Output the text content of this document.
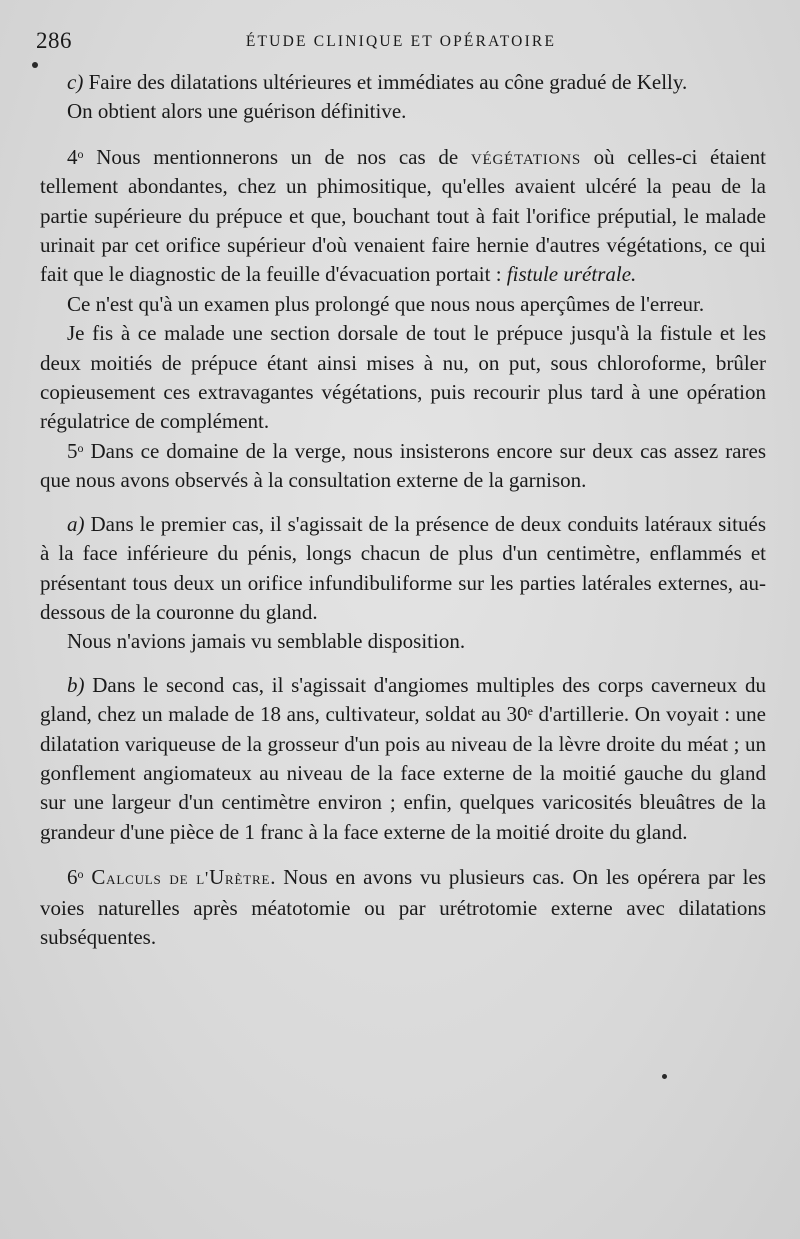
286	ÉTUDE CLINIQUE ET OPÉRATOIRE

c) Faire des dilatations ultérieures et immédiates au cône gradué de Kelly.

On obtient alors une guérison définitive.

4$^o$ Nous mentionnerons un de nos cas de végétations où celles-ci étaient tellement abondantes, chez un phimositique, qu'elles avaient ulcéré la peau de la partie supérieure du prépuce et que, bouchant tout à fait l'orifice préputial, le malade urinait par cet orifice supérieur d'où venaient faire hernie d'autres végétations, ce qui fait que le diagnostic de la feuille d'évacuation portait : fistule urétrale.

Ce n'est qu'à un examen plus prolongé que nous nous aperçûmes de l'erreur.

Je fis à ce malade une section dorsale de tout le prépuce jusqu'à la fistule et les deux moitiés de prépuce étant ainsi mises à nu, on put, sous chloroforme, brûler copieusement ces extravagantes végétations, puis recourir plus tard à une opération régulatrice de complément.

5$^o$ Dans ce domaine de la verge, nous insisterons encore sur deux cas assez rares que nous avons observés à la consultation externe de la garnison.

a) Dans le premier cas, il s'agissait de la présence de deux conduits latéraux situés à la face inférieure du pénis, longs chacun de plus d'un centimètre, enflammés et présentant tous deux un orifice infundibuliforme sur les parties latérales externes, au-dessous de la couronne du gland.

Nous n'avions jamais vu semblable disposition.

b) Dans le second cas, il s'agissait d'angiomes multiples des corps caverneux du gland, chez un malade de 18 ans, cultivateur, soldat au 30e d'artillerie. On voyait : une dilatation variqueuse de la grosseur d'un pois au niveau de la lèvre droite du méat ; un gonflement angiomateux au niveau de la face externe de la moitié gauche du gland sur une largeur d'un centimètre environ ; enfin, quelques varicosités bleuâtres de la grandeur d'une pièce de 1 franc à la face externe de la moitié droite du gland.

6$^o$ Calculs de l'Urètre. Nous en avons vu plusieurs cas. On les opérera par les voies naturelles après méatotomie ou par urétrotomie externe avec dilatations subséquentes.
